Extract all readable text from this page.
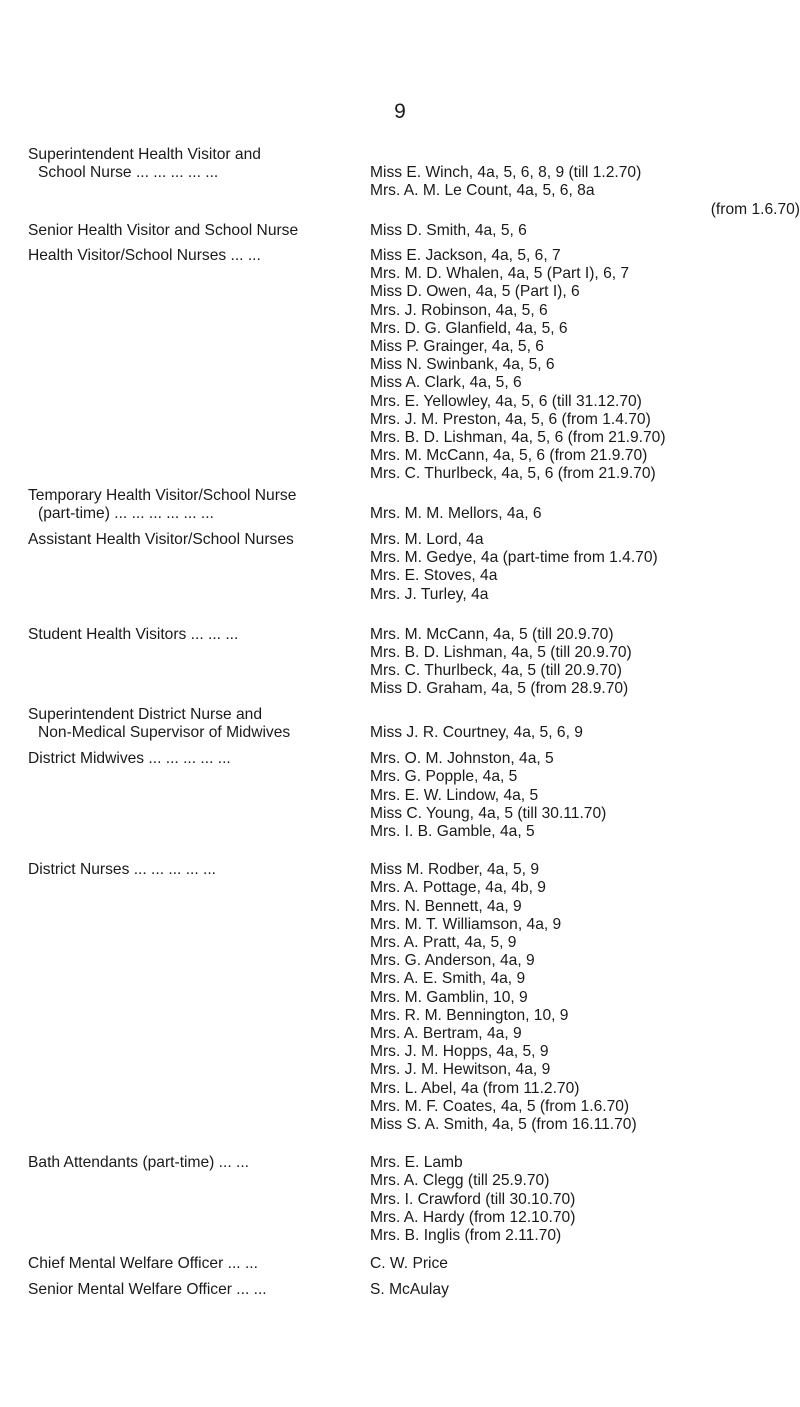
9
Superintendent Health Visitor and
School Nurse ... ... ... ... ...
	Miss E. Winch, 4a, 5, 6, 8, 9 (till 1.2.70)
Mrs. A. M. Le Count, 4a, 5, 6, 8a
(from 1.6.70)
Senior Health Visitor and School Nurse	Miss D. Smith, 4a, 5, 6
Health Visitor/School Nurses ... ...	Miss E. Jackson, 4a, 5, 6, 7
Mrs. M. D. Whalen, 4a, 5 (Part I), 6, 7
Miss D. Owen, 4a, 5 (Part I), 6
Mrs. J. Robinson, 4a, 5, 6
Mrs. D. G. Glanfield, 4a, 5, 6
Miss P. Grainger, 4a, 5, 6
Miss N. Swinbank, 4a, 5, 6
Miss A. Clark, 4a, 5, 6
Mrs. E. Yellowley, 4a, 5, 6 (till 31.12.70)
Mrs. J. M. Preston, 4a, 5, 6 (from 1.4.70)
Mrs. B. D. Lishman, 4a, 5, 6 (from 21.9.70)
Mrs. M. McCann, 4a, 5, 6 (from 21.9.70)
Mrs. C. Thurlbeck, 4a, 5, 6 (from 21.9.70)
Temporary Health Visitor/School Nurse
(part-time) ... ... ... ... ... ...
	Mrs. M. M. Mellors, 4a, 6
Assistant Health Visitor/School Nurses	Mrs. M. Lord, 4a
Mrs. M. Gedye, 4a (part-time from 1.4.70)
Mrs. E. Stoves, 4a
Mrs. J. Turley, 4a
Student Health Visitors ... ... ...	Mrs. M. McCann, 4a, 5 (till 20.9.70)
Mrs. B. D. Lishman, 4a, 5 (till 20.9.70)
Mrs. C. Thurlbeck, 4a, 5 (till 20.9.70)
Miss D. Graham, 4a, 5 (from 28.9.70)
Superintendent District Nurse and
Non-Medical Supervisor of Midwives
	Miss J. R. Courtney, 4a, 5, 6, 9
District Midwives ... ... ... ... ...	Mrs. O. M. Johnston, 4a, 5
Mrs. G. Popple, 4a, 5
Mrs. E. W. Lindow, 4a, 5
Miss C. Young, 4a, 5 (till 30.11.70)
Mrs. I. B. Gamble, 4a, 5
District Nurses ... ... ... ... ...	Miss M. Rodber, 4a, 5, 9
Mrs. A. Pottage, 4a, 4b, 9
Mrs. N. Bennett, 4a, 9
Mrs. M. T. Williamson, 4a, 9
Mrs. A. Pratt, 4a, 5, 9
Mrs. G. Anderson, 4a, 9
Mrs. A. E. Smith, 4a, 9
Mrs. M. Gamblin, 10, 9
Mrs. R. M. Bennington, 10, 9
Mrs. A. Bertram, 4a, 9
Mrs. J. M. Hopps, 4a, 5, 9
Mrs. J. M. Hewitson, 4a, 9
Mrs. L. Abel, 4a (from 11.2.70)
Mrs. M. F. Coates, 4a, 5 (from 1.6.70)
Miss S. A. Smith, 4a, 5 (from 16.11.70)
Bath Attendants (part-time) ... ...	Mrs. E. Lamb
Mrs. A. Clegg (till 25.9.70)
Mrs. I. Crawford (till 30.10.70)
Mrs. A. Hardy (from 12.10.70)
Mrs. B. Inglis (from 2.11.70)
Chief Mental Welfare Officer ... ...	C. W. Price
Senior Mental Welfare Officer ... ...	S. McAulay
